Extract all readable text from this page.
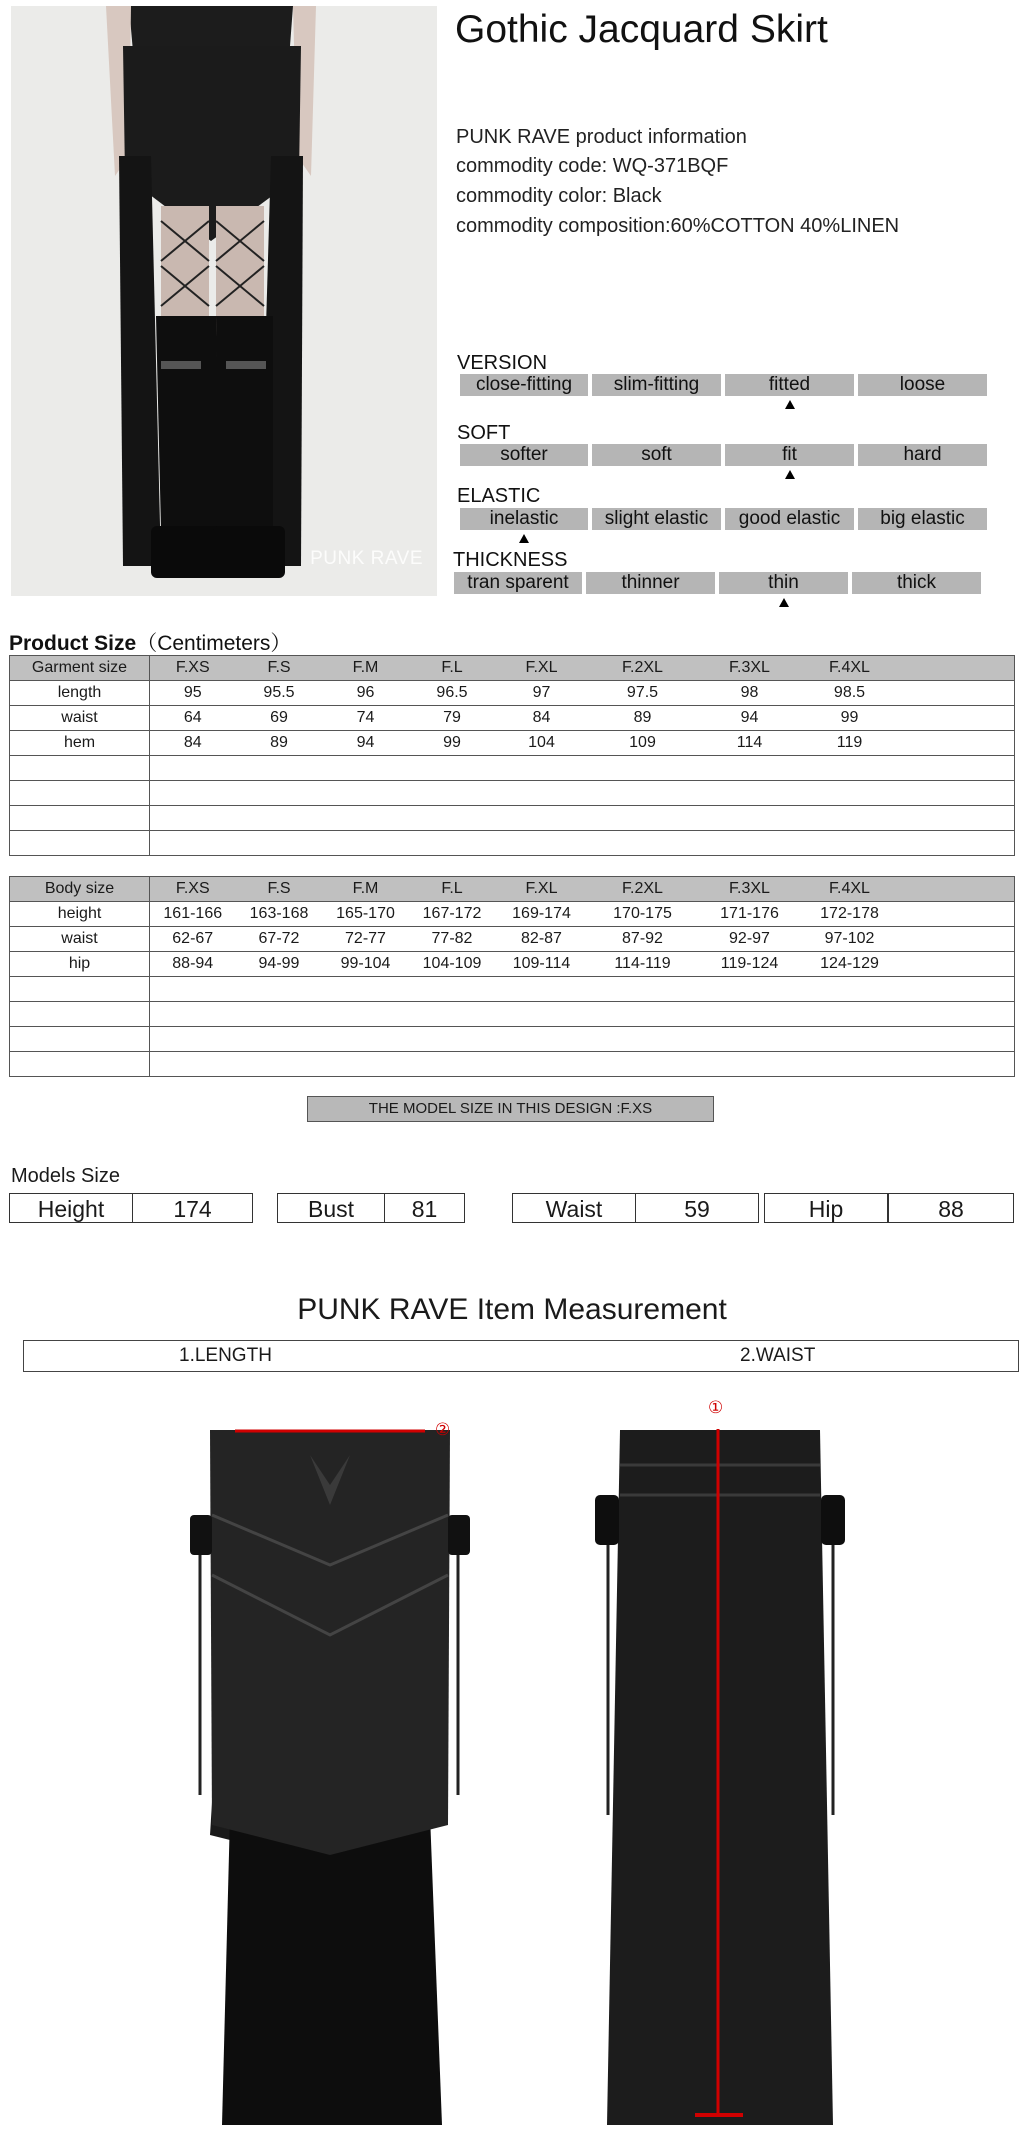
PUNK RAVE
Gothic Jacquard Skirt
PUNK RAVE product information
commodity code: WQ-371BQF
commodity color: Black
commodity composition:60%COTTON 40%LINEN
VERSION
close-fitting	slim-fitting	fitted	loose
SOFT
softer	soft	fit	hard
ELASTIC
inelastic	slight elastic	good elastic	big elastic
THICKNESS
tran sparent	thinner	thin	thick
Product Size（Centimeters）
Garment size	F.XS	F.S	F.M	F.L	F.XL	F.2XL	F.3XL	F.4XL	
length	95	95.5	96	96.5	97	97.5	98	98.5	
waist	64	69	74	79	84	89	94	99	
hem	84	89	94	99	104	109	114	119	

Body size	F.XS	F.S	F.M	F.L	F.XL	F.2XL	F.3XL	F.4XL	
height	161-166	163-168	165-170	167-172	169-174	170-175	171-176	172-178	
waist	62-67	67-72	72-77	77-82	82-87	87-92	92-97	97-102	
hip	88-94	94-99	99-104	104-109	109-114	114-119	119-124	124-129	

THE MODEL SIZE IN THIS DESIGN :F.XS
Models Size
Height	174	Bust	81	Waist	59	Hip	88
PUNK RAVE Item Measurement
1.LENGTH	2.WAIST
②
①
